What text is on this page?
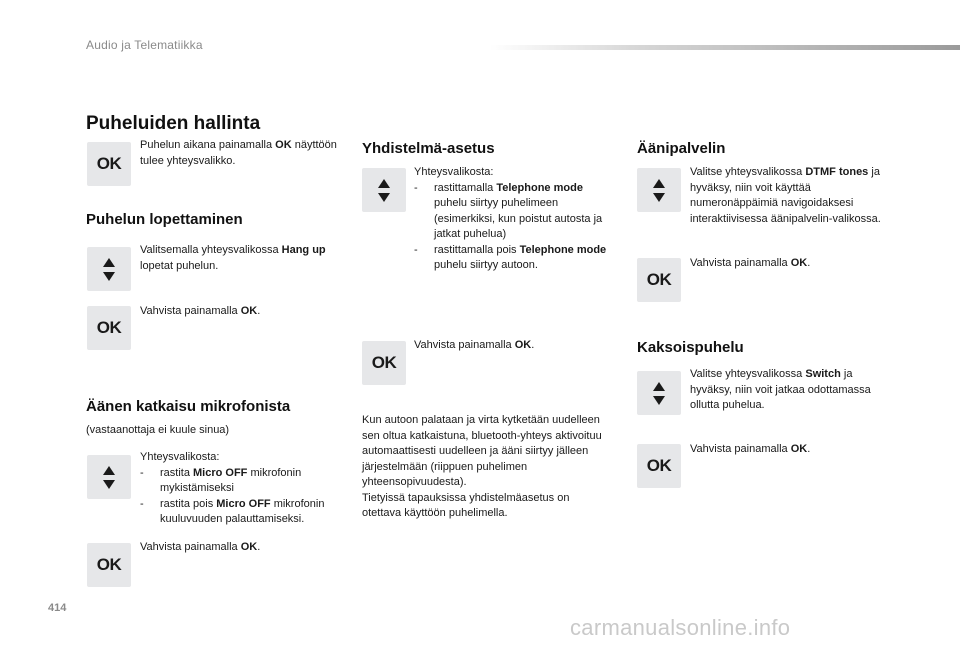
Audio ja Telematiikka
Puheluiden hallinta
OK
Puhelun aikana painamalla OK näyttöön tulee yhteysvalikko.
Puhelun lopettaminen
Valitsemalla yhteysvalikossa Hang up lopetat puhelun.
OK
Vahvista painamalla OK.
Äänen katkaisu mikrofonista
(vastaanottaja ei kuule sinua)
Yhteysvalikosta:
-	rastita Micro OFF mikrofonin mykistämiseksi
-	rastita pois Micro OFF mikrofonin kuuluvuuden palauttamiseksi.
OK
Vahvista painamalla OK.
Yhdistelmä-asetus
Yhteysvalikosta:
-	rastittamalla Telephone mode puhelu siirtyy puhelimeen (esimerkiksi, kun poistut autosta ja jatkat puhelua)
-	rastittamalla pois Telephone mode puhelu siirtyy autoon.
OK
Vahvista painamalla OK.
Kun autoon palataan ja virta kytketään uudelleen sen oltua katkaistuna, bluetooth-yhteys aktivoituu automaattisesti uudelleen ja ääni siirtyy jälleen järjestelmään (riippuen puhelimen yhteensopivuudesta).
Tietyissä tapauksissa yhdistelmäasetus on otettava käyttöön puhelimella.
Äänipalvelin
Valitse yhteysvalikossa DTMF tones ja hyväksy, niin voit käyttää numeronäppäimiä navigoidaksesi interaktiivisessa äänipalvelin-valikossa.
OK
Vahvista painamalla OK.
Kaksoispuhelu
Valitse yhteysvalikossa Switch ja hyväksy, niin voit jatkaa odottamassa ollutta puhelua.
OK
Vahvista painamalla OK.
414
carmanualsonline.info
